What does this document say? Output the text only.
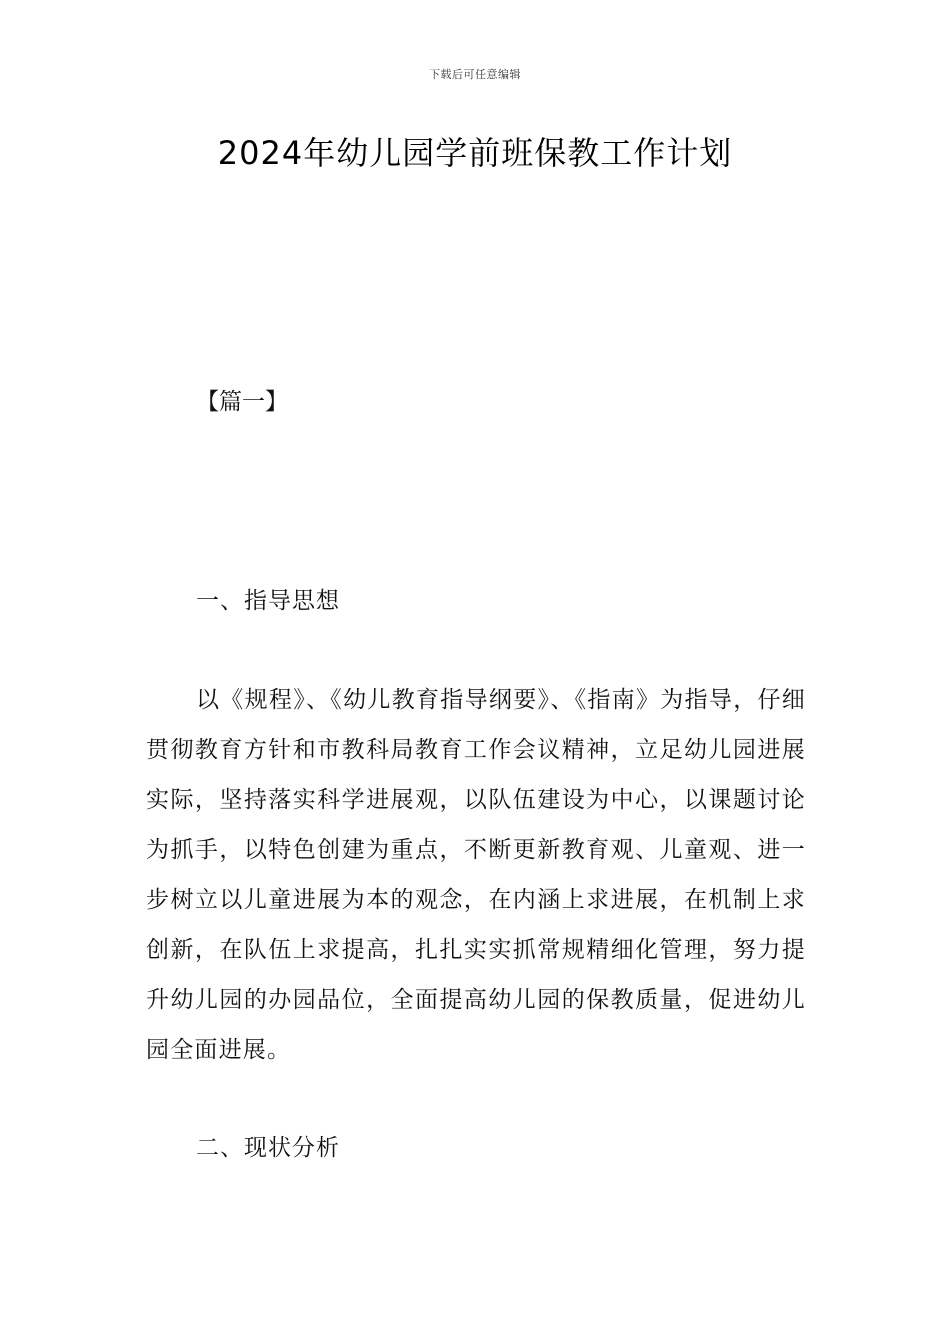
下载后可任意编辑
2024年幼儿园学前班保教工作计划
【篇一】
一、指导思想

以《规程》、《幼儿教育指导纲要》、《指南》为指导，仔细贯彻教育方针和市教科局教育工作会议精神，立足幼儿园进展实际，坚持落实科学进展观，以队伍建设为中心，以课题讨论为抓手，以特色创建为重点，不断更新教育观、儿童观、进一步树立以儿童进展为本的观念，在内涵上求进展，在机制上求创新，在队伍上求提高，扎扎实实抓常规精细化管理，努力提升幼儿园的办园品位，全面提高幼儿园的保教质量，促进幼儿园全面进展。

二、现状分析
